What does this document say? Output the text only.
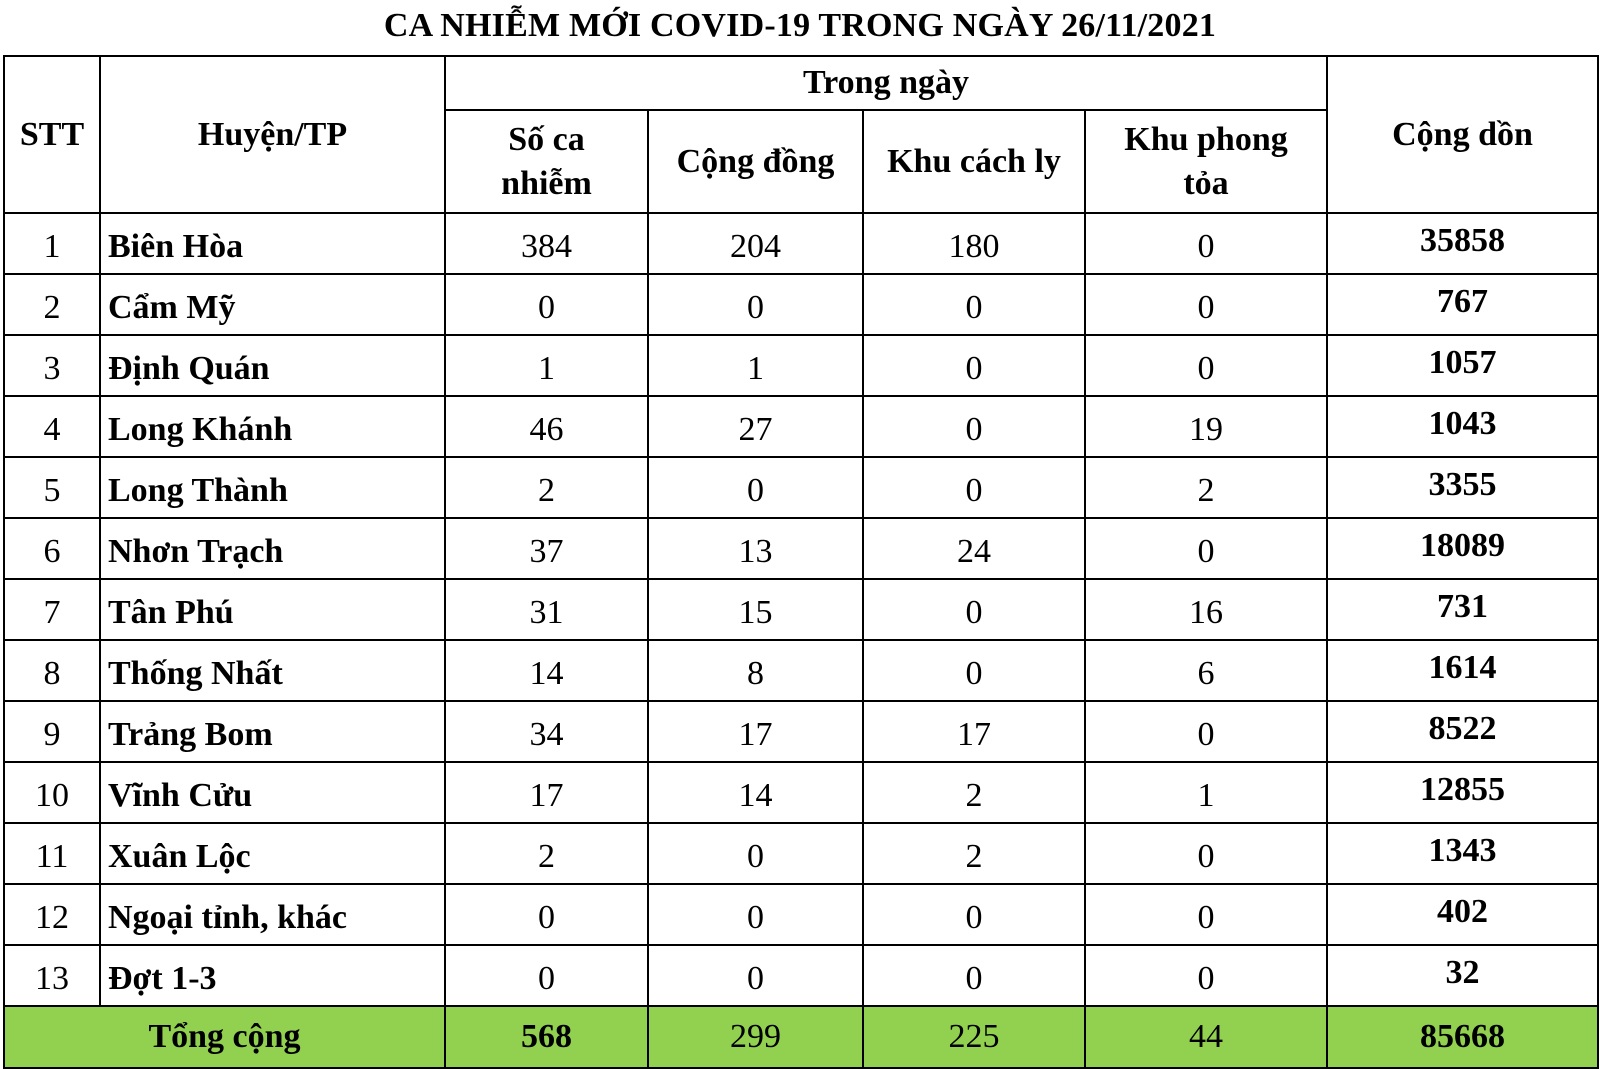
CA NHIỄM MỚI COVID-19 TRONG NGÀY 26/11/2021
STT	Huyện/TP	Trong ngày				Cộng dồn
		Số ca nhiễm	Cộng đồng	Khu cách ly	Khu phong tỏa	
1	Biên Hòa	384	204	180	0	35858
2	Cẩm Mỹ	0	0	0	0	767
3	Định Quán	1	1	0	0	1057
4	Long Khánh	46	27	0	19	1043
5	Long Thành	2	0	0	2	3355
6	Nhơn Trạch	37	13	24	0	18089
7	Tân Phú	31	15	0	16	731
8	Thống Nhất	14	8	0	6	1614
9	Trảng Bom	34	17	17	0	8522
10	Vĩnh Cửu	17	14	2	1	12855
11	Xuân Lộc	2	0	2	0	1343
12	Ngoại tỉnh, khác	0	0	0	0	402
13	Đợt 1-3	0	0	0	0	32
Tổng cộng		568	299	225	44	85668
